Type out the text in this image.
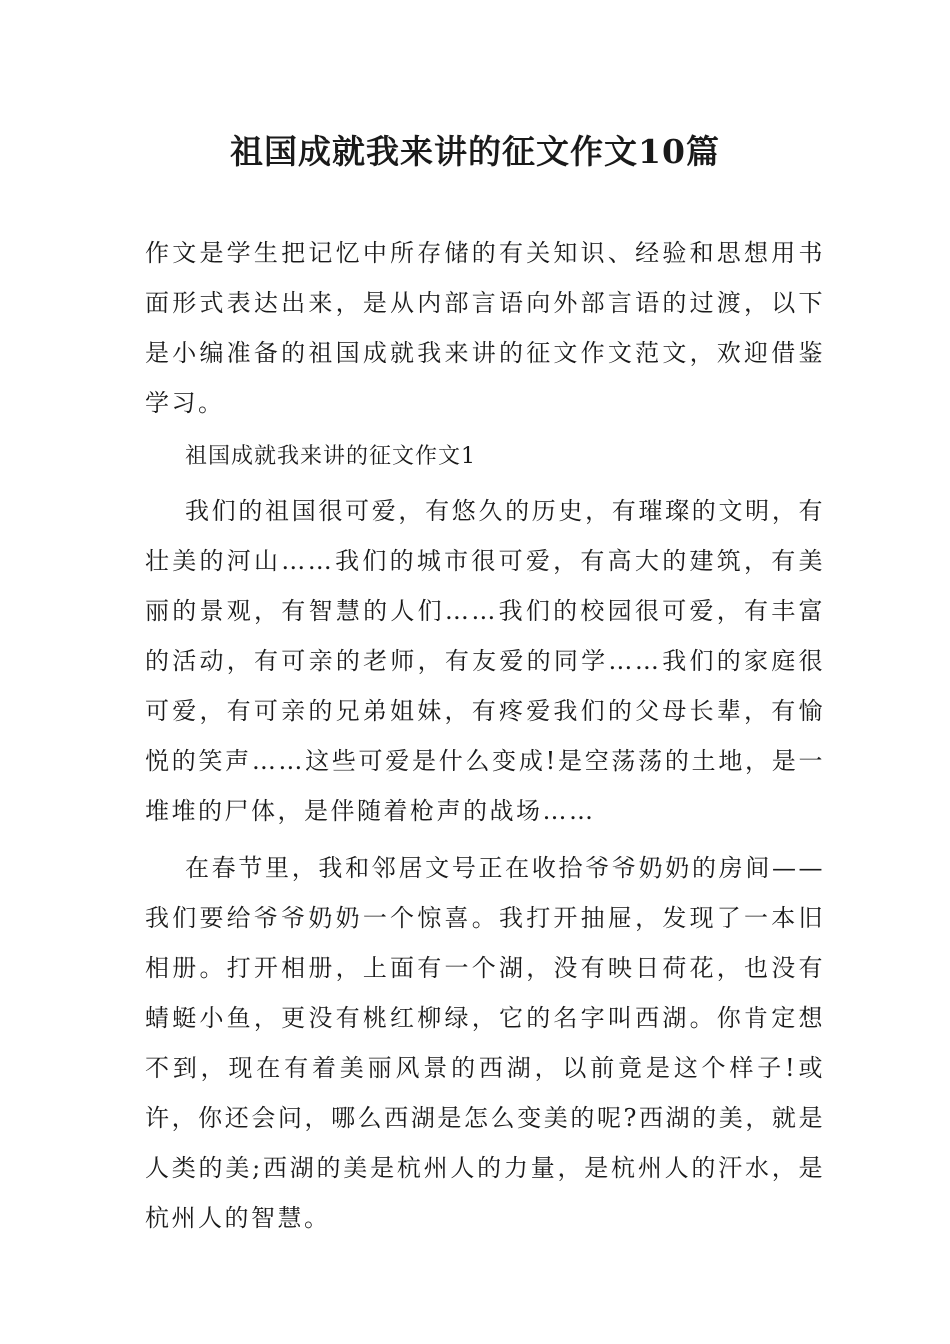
祖国成就我来讲的征文作文10篇

作文是学生把记忆中所存储的有关知识、经验和思想用书面形式表达出来，是从内部言语向外部言语的过渡，以下是小编准备的祖国成就我来讲的征文作文范文，欢迎借鉴学习。

祖国成就我来讲的征文作文1

我们的祖国很可爱，有悠久的历史，有璀璨的文明，有壮美的河山……我们的城市很可爱，有高大的建筑，有美丽的景观，有智慧的人们……我们的校园很可爱，有丰富的活动，有可亲的老师，有友爱的同学……我们的家庭很可爱，有可亲的兄弟姐妹，有疼爱我们的父母长辈，有愉悦的笑声……这些可爱是什么变成!是空荡荡的土地，是一堆堆的尸体，是伴随着枪声的战场……

在春节里，我和邻居文号正在收拾爷爷奶奶的房间——我们要给爷爷奶奶一个惊喜。我打开抽屉，发现了一本旧相册。打开相册，上面有一个湖，没有映日荷花，也没有蜻蜓小鱼，更没有桃红柳绿，它的名字叫西湖。你肯定想不到，现在有着美丽风景的西湖，以前竟是这个样子!或许，你还会问，哪么西湖是怎么变美的呢?西湖的美，就是人类的美;西湖的美是杭州人的力量，是杭州人的汗水，是杭州人的智慧。
